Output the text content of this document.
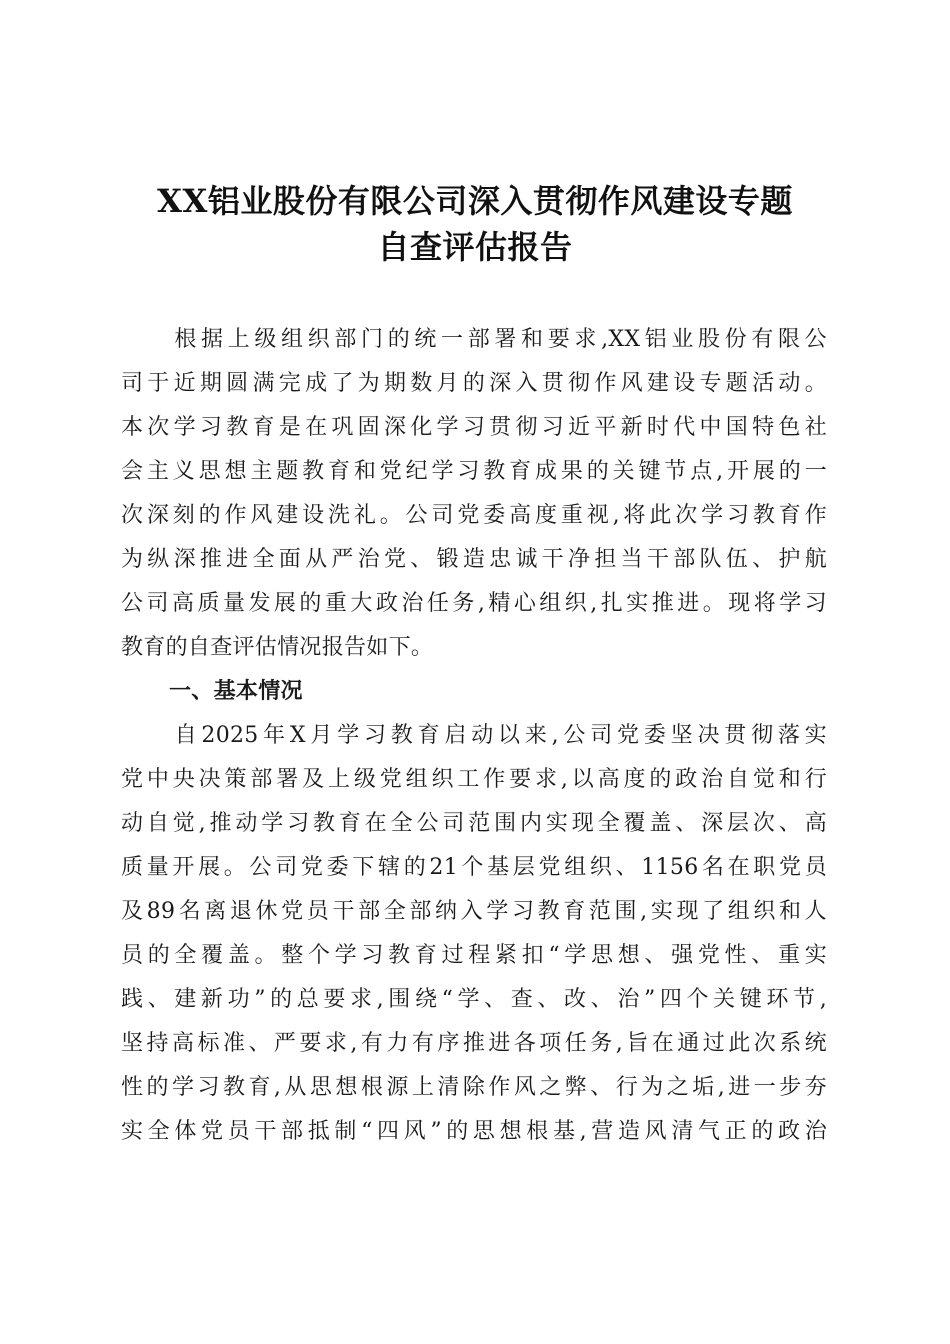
XX铝业股份有限公司深入贯彻作风建设专题
自查评估报告
　　根据上级组织部门的统一部署和要求,XX铝业股份有限公
司于近期圆满完成了为期数月的深入贯彻作风建设专题活动。
本次学习教育是在巩固深化学习贯彻习近平新时代中国特色社
会主义思想主题教育和党纪学习教育成果的关键节点,开展的一
次深刻的作风建设洗礼。公司党委高度重视,将此次学习教育作
为纵深推进全面从严治党、锻造忠诚干净担当干部队伍、护航
公司高质量发展的重大政治任务,精心组织,扎实推进。现将学习
教育的自查评估情况报告如下。
一、基本情况
　　自2025年X月学习教育启动以来,公司党委坚决贯彻落实
党中央决策部署及上级党组织工作要求,以高度的政治自觉和行
动自觉,推动学习教育在全公司范围内实现全覆盖、深层次、高
质量开展。公司党委下辖的21个基层党组织、1156名在职党员
及89名离退休党员干部全部纳入学习教育范围,实现了组织和人
员的全覆盖。整个学习教育过程紧扣“学思想、强党性、重实
践、建新功”的总要求,围绕“学、查、改、治”四个关键环节,
坚持高标准、严要求,有力有序推进各项任务,旨在通过此次系统
性的学习教育,从思想根源上清除作风之弊、行为之垢,进一步夯
实全体党员干部抵制“四风”的思想根基,营造风清气正的政治
